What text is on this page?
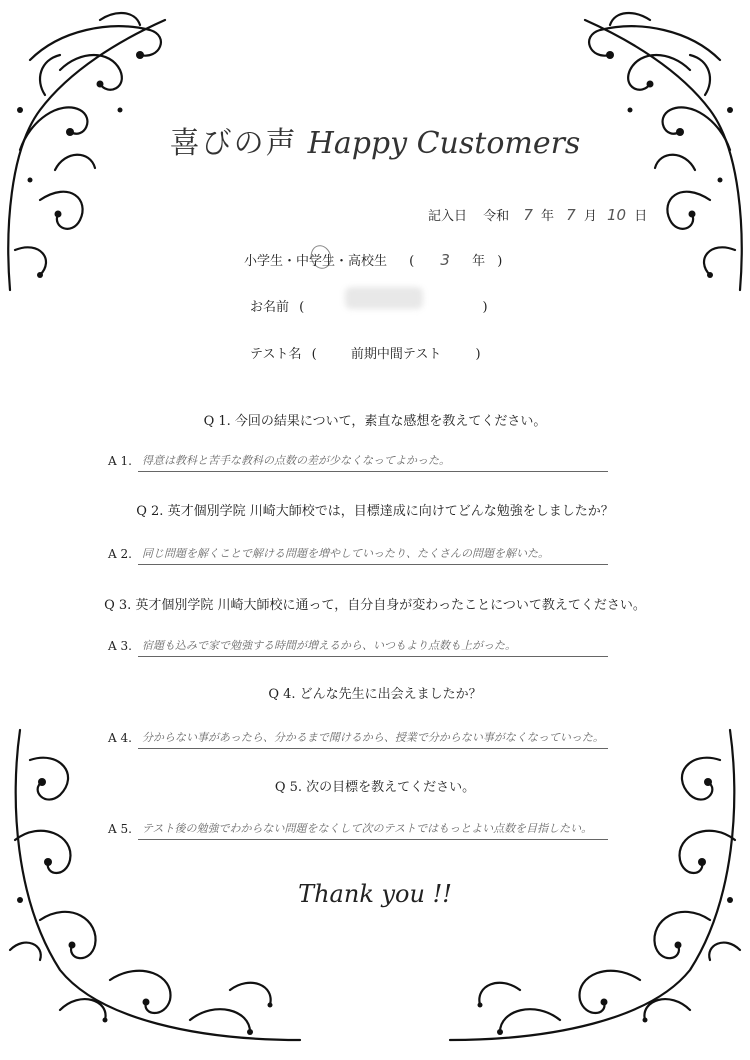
喜びの声 Happy Customers
記入日 令和 7 年 7 月 10 日
小学生・中学生・高校生 ( 3 年 )
お名前 (	)
テスト名 (	前期中間テスト	)
Q 1. 今回の結果について，素直な感想を教えてください。
A 1. 得意は教科と苦手な教科の点数の差が少なくなってよかった。
Q 2. 英才個別学院 川崎大師校では，目標達成に向けてどんな勉強をしましたか？
A 2. 同じ問題を解くことで解ける問題を増やしていったり、たくさんの問題を解いた。
Q 3. 英才個別学院 川崎大師校に通って，自分自身が変わったことについて教えてください。
A 3. 宿題も込みで家で勉強する時間が増えるから、いつもより点数も上がった。
Q 4. どんな先生に出会えましたか？
A 4. 分からない事があったら、分かるまで聞けるから、授業で分からない事がなくなっていった。
Q 5. 次の目標を教えてください。
A 5. テスト後の勉強でわからない問題をなくして次のテストではもっとよい点数を目指したい。
Thank you !!
